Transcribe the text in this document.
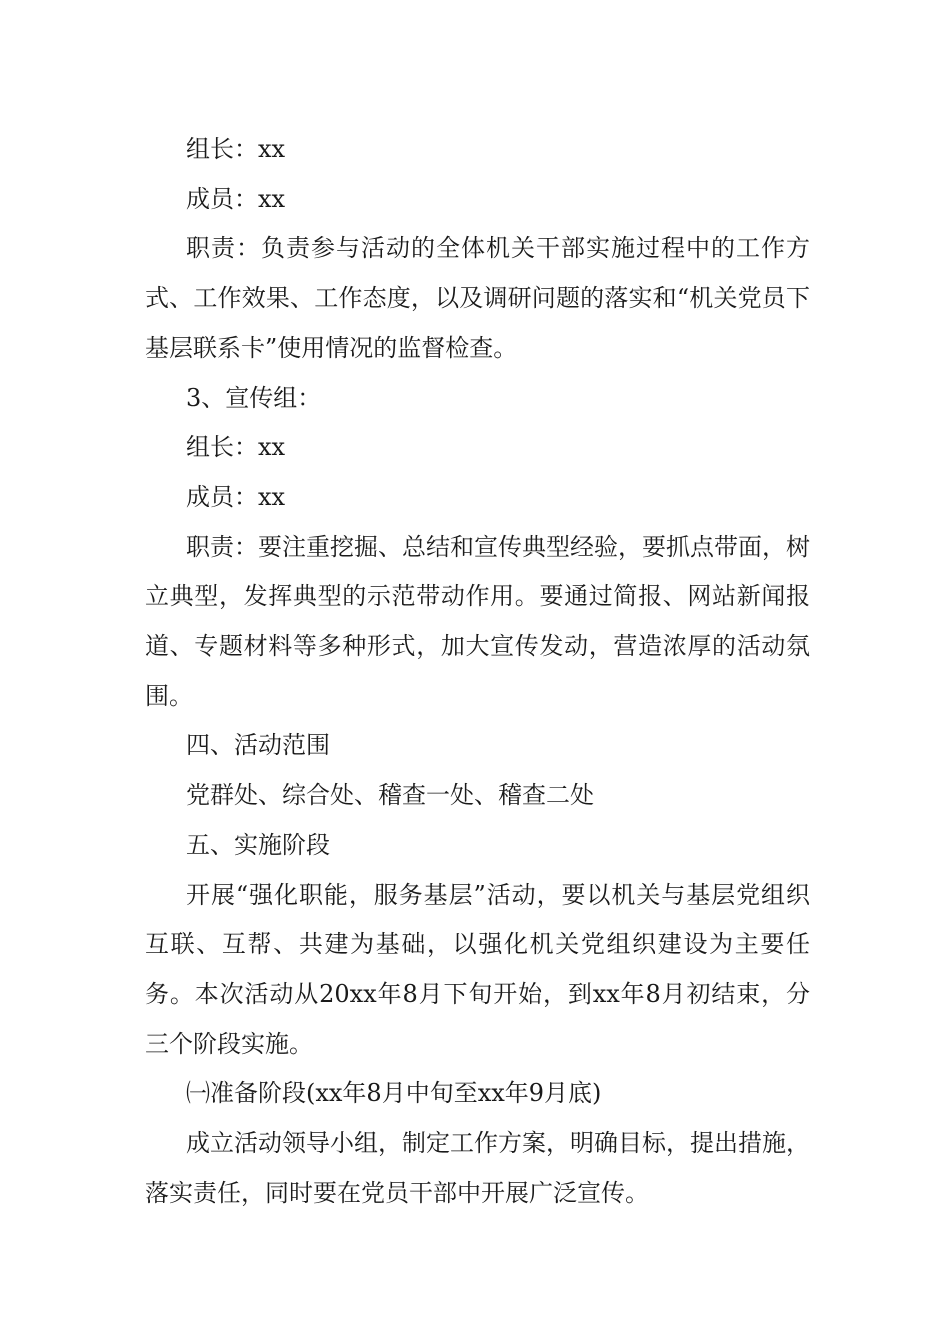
组长：xx

成员：xx

职责：负责参与活动的全体机关干部实施过程中的工作方式、工作效果、工作态度，以及调研问题的落实和“机关党员下基层联系卡”使用情况的监督检查。

3、宣传组：

组长：xx

成员：xx

职责：要注重挖掘、总结和宣传典型经验，要抓点带面，树立典型，发挥典型的示范带动作用。要通过简报、网站新闻报道、专题材料等多种形式，加大宣传发动，营造浓厚的活动氛围。

四、活动范围

党群处、综合处、稽查一处、稽查二处

五、实施阶段

开展“强化职能，服务基层”活动，要以机关与基层党组织互联、互帮、共建为基础，以强化机关党组织建设为主要任务。本次活动从20xx年8月下旬开始，到xx年8月初结束，分三个阶段实施。

㈠准备阶段(xx年8月中旬至xx年9月底)

成立活动领导小组，制定工作方案，明确目标，提出措施，落实责任，同时要在党员干部中开展广泛宣传。
